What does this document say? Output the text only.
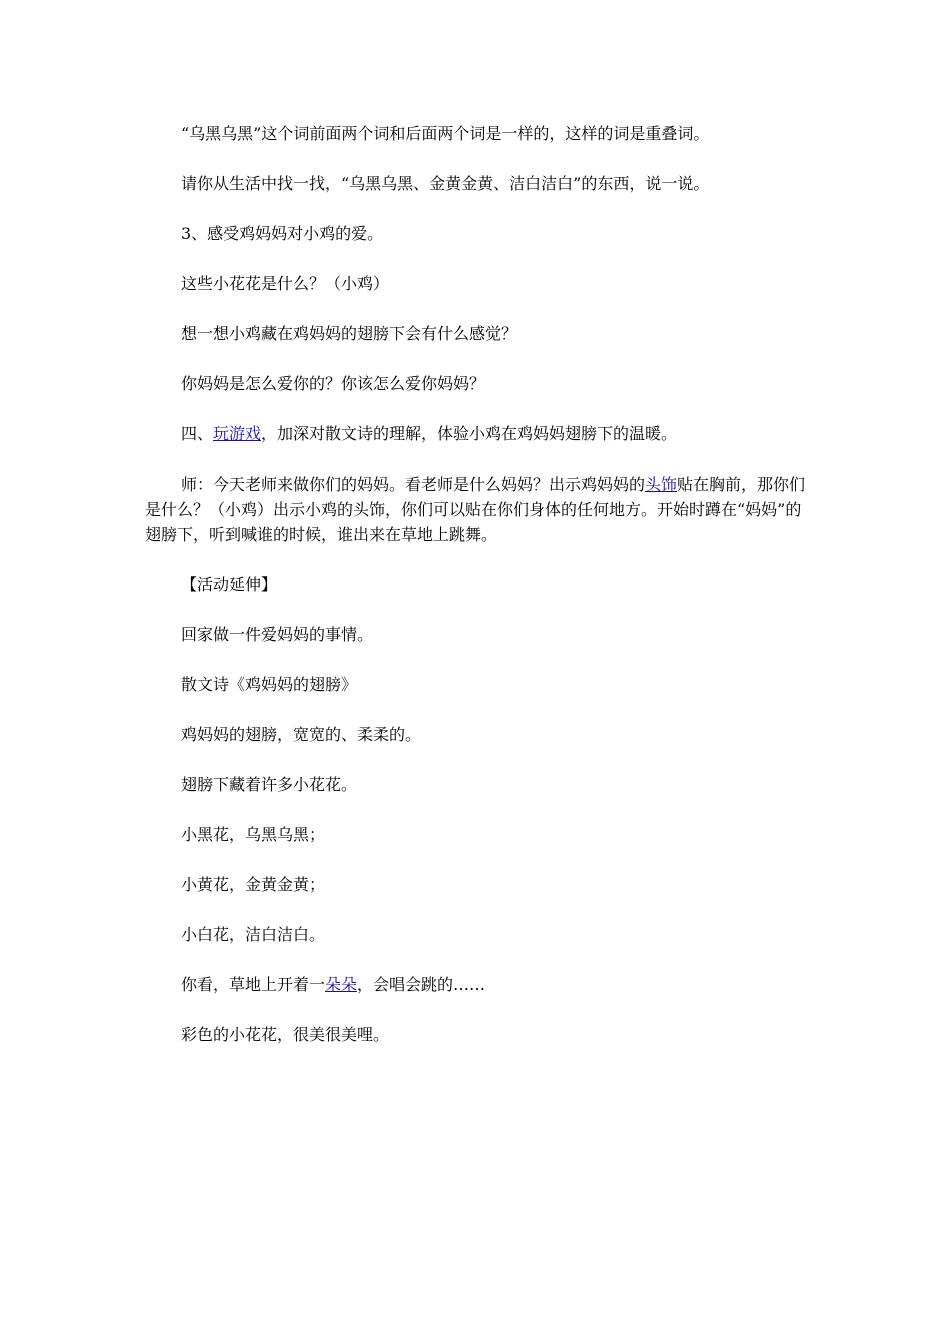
“乌黑乌黑”这个词前面两个词和后面两个词是一样的，这样的词是重叠词。

请你从生活中找一找，“乌黑乌黑、金黄金黄、洁白洁白”的东西，说一说。

3、感受鸡妈妈对小鸡的爱。

这些小花花是什么？（小鸡）

想一想小鸡藏在鸡妈妈的翅膀下会有什么感觉？

你妈妈是怎么爱你的？你该怎么爱你妈妈？

四、玩游戏，加深对散文诗的理解，体验小鸡在鸡妈妈翅膀下的温暖。

师：今天老师来做你们的妈妈。看老师是什么妈妈？出示鸡妈妈的头饰贴在胸前，那你们是什么？（小鸡）出示小鸡的头饰，你们可以贴在你们身体的任何地方。开始时蹲在“妈妈”的翅膀下，听到喊谁的时候，谁出来在草地上跳舞。

【活动延伸】

回家做一件爱妈妈的事情。

散文诗《鸡妈妈的翅膀》

鸡妈妈的翅膀，宽宽的、柔柔的。

翅膀下藏着许多小花花。

小黑花，乌黑乌黑；

小黄花，金黄金黄；

小白花，洁白洁白。

你看，草地上开着一朵朵，会唱会跳的……

彩色的小花花，很美很美哩。
